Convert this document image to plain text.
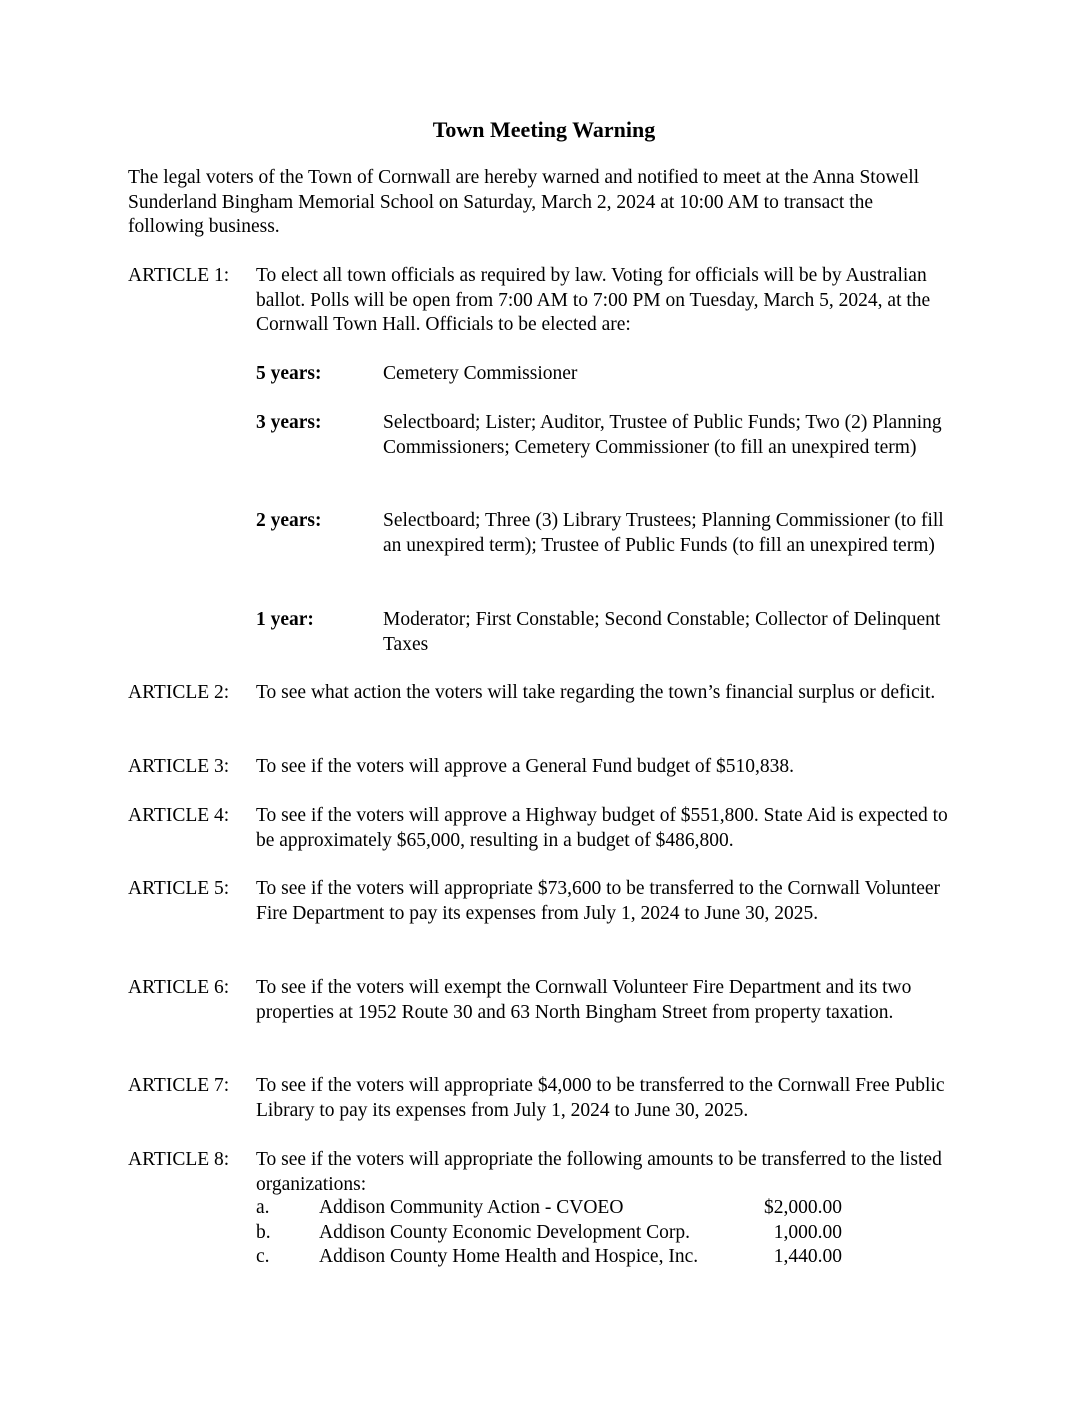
Town Meeting Warning
The legal voters of the Town of Cornwall are hereby warned and notified to meet at the Anna Stowell Sunderland Bingham Memorial School on Saturday, March 2, 2024 at 10:00 AM to transact the following business.
ARTICLE 1: To elect all town officials as required by law. Voting for officials will be by Australian ballot. Polls will be open from 7:00 AM to 7:00 PM on Tuesday, March 5, 2024, at the Cornwall Town Hall. Officials to be elected are:
5 years:	Cemetery Commissioner
3 years:	Selectboard; Lister; Auditor, Trustee of Public Funds; Two (2) Planning Commissioners; Cemetery Commissioner (to fill an unexpired term)
2 years:	Selectboard; Three (3) Library Trustees; Planning Commissioner (to fill an unexpired term); Trustee of Public Funds (to fill an unexpired term)
1 year:	Moderator; First Constable; Second Constable; Collector of Delinquent Taxes
ARTICLE 2: To see what action the voters will take regarding the town’s financial surplus or deficit.
ARTICLE 3: To see if the voters will approve a General Fund budget of $510,838.
ARTICLE 4: To see if the voters will approve a Highway budget of $551,800. State Aid is expected to be approximately $65,000, resulting in a budget of $486,800.
ARTICLE 5: To see if the voters will appropriate $73,600 to be transferred to the Cornwall Volunteer Fire Department to pay its expenses from July 1, 2024 to June 30, 2025.
ARTICLE 6: To see if the voters will exempt the Cornwall Volunteer Fire Department and its two properties at 1952 Route 30 and 63 North Bingham Street from property taxation.
ARTICLE 7: To see if the voters will appropriate $4,000 to be transferred to the Cornwall Free Public Library to pay its expenses from July 1, 2024 to June 30, 2025.
ARTICLE 8: To see if the voters will appropriate the following amounts to be transferred to the listed organizations:
a.	Addison Community Action - CVOEO	$2,000.00
b. Addison County Economic Development Corp.	1,000.00
c.	Addison County Home Health and Hospice, Inc.	1,440.00
